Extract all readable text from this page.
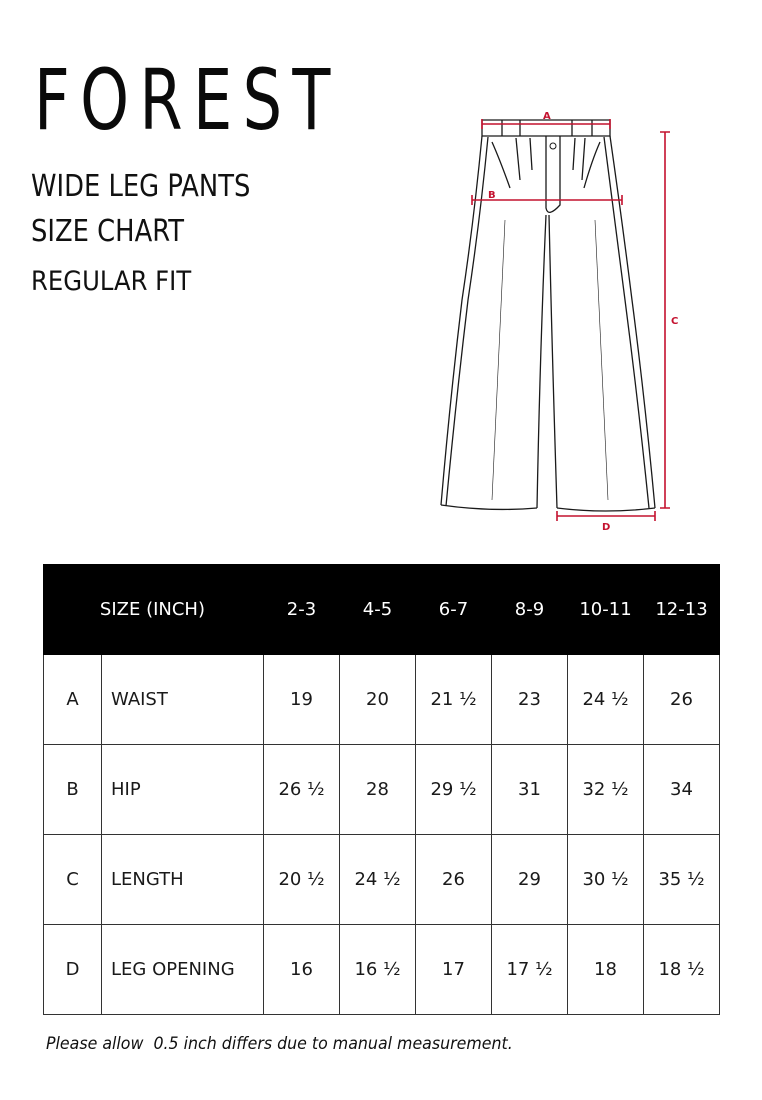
FOREST
WIDE LEG PANTS
SIZE CHART
REGULAR FIT
A
B
C
D
SIZE (INCH)		2-3	4-5	6-7	8-9	10-11	12-13
A	WAIST	19	20	21 ½	23	24 ½	26
B	HIP	26 ½	28	29 ½	31	32 ½	34
C	LENGTH	20 ½	24 ½	26	29	30 ½	35 ½
D	LEG OPENING	16	16 ½	17	17 ½	18	18 ½
Please allow  0.5 inch differs due to manual measurement.
